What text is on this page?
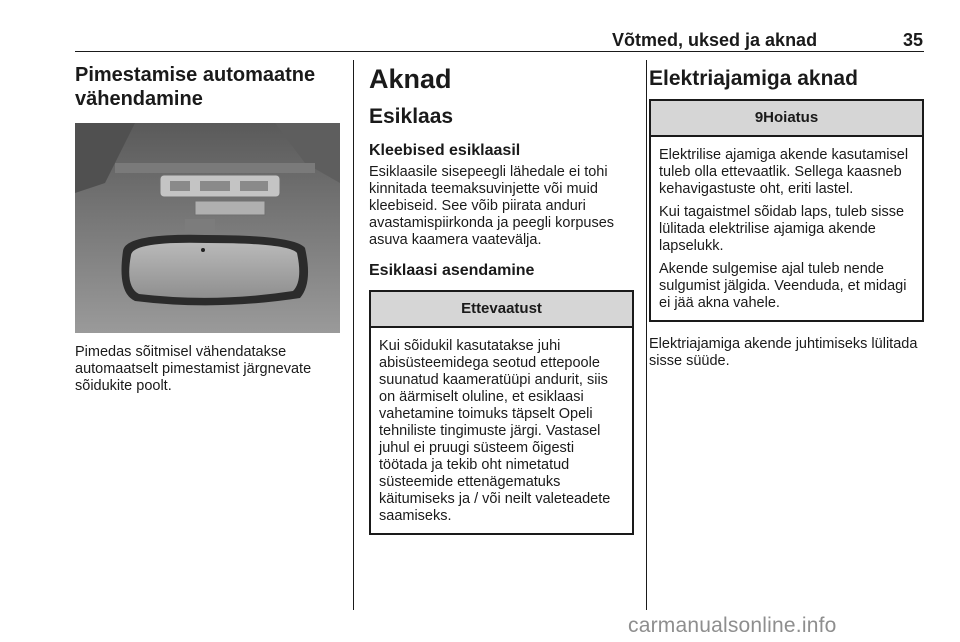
Võtmed, uksed ja aknad	35
Pimestamise automaatne vähendamine

Pimedas sõitmisel vähendatakse automaatselt pimestamist järgnevate sõidukite poolt.

Aknad
Esiklaas
Kleebised esiklaasil

Esiklaasile sisepeegli lähedale ei tohi kinnitada teemaksuvinjette või muid kleebiseid. See võib piirata anduri avastamispiirkonda ja peegli korpuses asuva kaamera vaatevälja.

Esiklaasi asendamine
Ettevaatust

Kui sõidukil kasutatakse juhi abisüsteemidega seotud ettepoole suunatud kaameratüüpi andurit, siis on äärmiselt oluline, et esiklaasi vahetamine toimuks täpselt Opeli tehniliste tingimuste järgi. Vastasel juhul ei pruugi süsteem õigesti töötada ja tekib oht nimetatud süsteemide ettenägematuks käitumiseks ja / või neilt valeteadete saamiseks.

Elektriajamiga aknad
9Hoiatus

Elektrilise ajamiga akende kasutamisel tuleb olla ettevaatlik. Sellega kaasneb kehavigastuste oht, eriti lastel.

Kui tagaistmel sõidab laps, tuleb sisse lülitada elektrilise ajamiga akende lapselukk.

Akende sulgemise ajal tuleb nende sulgumist jälgida. Veenduda, et midagi ei jää akna vahele.

Elektriajamiga akende juhtimiseks lülitada sisse süüde.

carmanualsonline.info
